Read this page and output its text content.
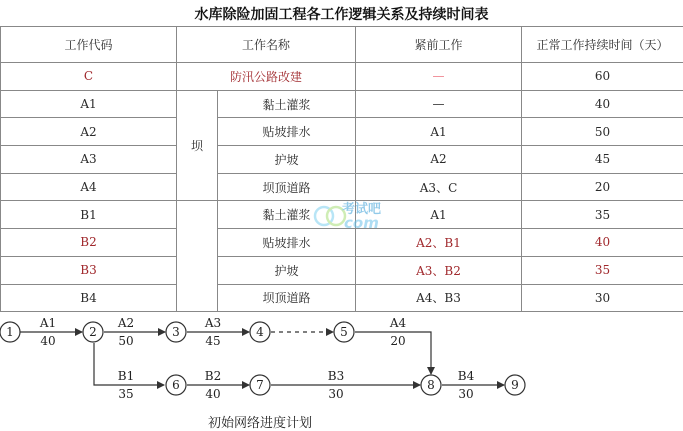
水库除险加固工程各工作逻辑关系及持续时间表
工作代码	工作名称		紧前工作	正常工作持续时间（天）
C	防汛公路改建		—	60
A1	坝	黏土灌浆	—	40
A2		贴坡排水	A1	50
A3		护坡	A2	45
A4		坝顶道路	A3、C	20
B1		黏土灌浆	A1	35
B2		贴坡排水	A2、B1	40
B3		护坡	A3、B2	35
B4		坝顶道路	A4、B3	30
考试吧
com
1	2	3	4	5
6	7	8	9
A1
40
A2
50
A3
45
A4
20
B1
35
B2
40
B3
30
B4
30
初始网络进度计划
